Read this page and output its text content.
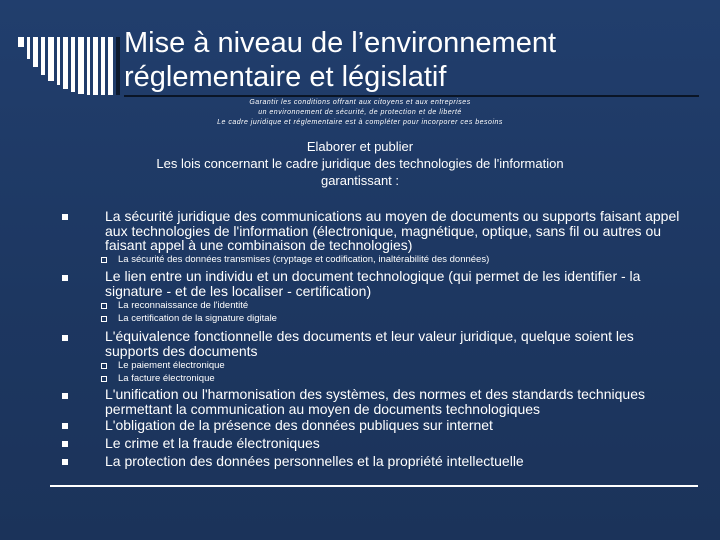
Mise à niveau de l’environnement
réglementaire et législatif
Garantir les conditions offrant aux citoyens et aux entreprises
un environnement de sécurité, de protection et de liberté
Le cadre juridique et réglementaire est à compléter pour incorporer ces besoins
Elaborer et publier
Les lois concernant le cadre juridique des technologies de l'information
garantissant :
La sécurité juridique des communications au moyen de documents ou supports faisant appel aux technologies de l'information (électronique, magnétique, optique, sans fil ou autres ou faisant appel à une combinaison de technologies)
La sécurité des données transmises (cryptage et codification, inaltérabilité des données)
Le lien entre un individu et un document technologique (qui permet de les identifier - la signature - et de les localiser - certification)
La reconnaissance de l'identité
La certification de la signature digitale
L'équivalence fonctionnelle des documents et leur valeur juridique, quelque soient les supports des documents
Le paiement électronique
La facture électronique
L'unification ou l'harmonisation des systèmes, des normes et des standards techniques permettant la communication au moyen de documents technologiques
L'obligation de la présence des données publiques sur internet
Le crime et la fraude électroniques
La protection des données personnelles et la propriété intellectuelle
